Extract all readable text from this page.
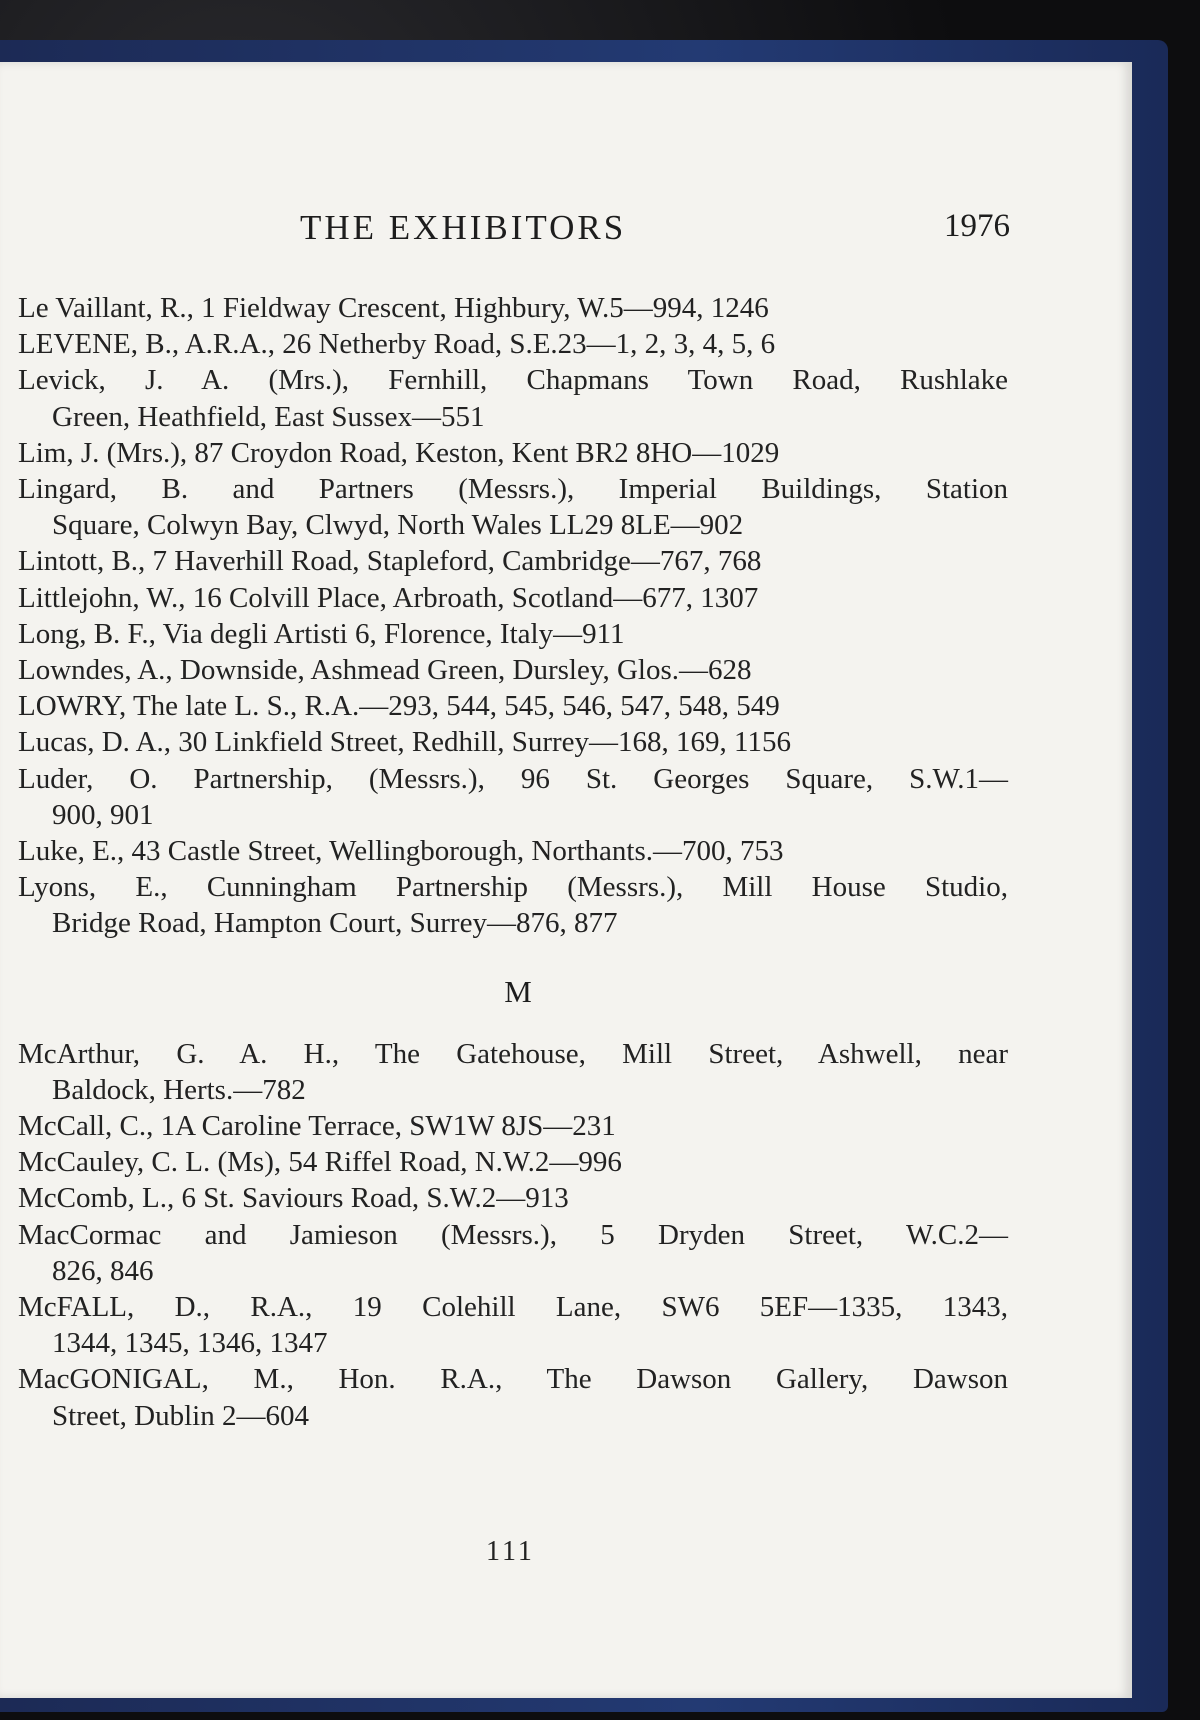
THE EXHIBITORS	1976
Le Vaillant, R., 1 Fieldway Crescent, Highbury, W.5—994, 1246
LEVENE, B., A.R.A., 26 Netherby Road, S.E.23—1, 2, 3, 4, 5, 6
Levick, J. A. (Mrs.), Fernhill, Chapmans Town Road, Rushlake
Green, Heathfield, East Sussex—551
Lim, J. (Mrs.), 87 Croydon Road, Keston, Kent BR2 8HO—1029
Lingard, B. and Partners (Messrs.), Imperial Buildings, Station
Square, Colwyn Bay, Clwyd, North Wales LL29 8LE—902
Lintott, B., 7 Haverhill Road, Stapleford, Cambridge—767, 768
Littlejohn, W., 16 Colvill Place, Arbroath, Scotland—677, 1307
Long, B. F., Via degli Artisti 6, Florence, Italy—911
Lowndes, A., Downside, Ashmead Green, Dursley, Glos.—628
LOWRY, The late L. S., R.A.—293, 544, 545, 546, 547, 548, 549
Lucas, D. A., 30 Linkfield Street, Redhill, Surrey—168, 169, 1156
Luder, O. Partnership, (Messrs.), 96 St. Georges Square, S.W.1—
900, 901
Luke, E., 43 Castle Street, Wellingborough, Northants.—700, 753
Lyons, E., Cunningham Partnership (Messrs.), Mill House Studio,
Bridge Road, Hampton Court, Surrey—876, 877
M
McArthur, G. A. H., The Gatehouse, Mill Street, Ashwell, near
Baldock, Herts.—782
McCall, C., 1A Caroline Terrace, SW1W 8JS—231
McCauley, C. L. (Ms), 54 Riffel Road, N.W.2—996
McComb, L., 6 St. Saviours Road, S.W.2—913
MacCormac and Jamieson (Messrs.), 5 Dryden Street, W.C.2—
826, 846
McFALL, D., R.A., 19 Colehill Lane, SW6 5EF—1335, 1343,
1344, 1345, 1346, 1347
MacGONIGAL, M., Hon. R.A., The Dawson Gallery, Dawson
Street, Dublin 2—604
111
